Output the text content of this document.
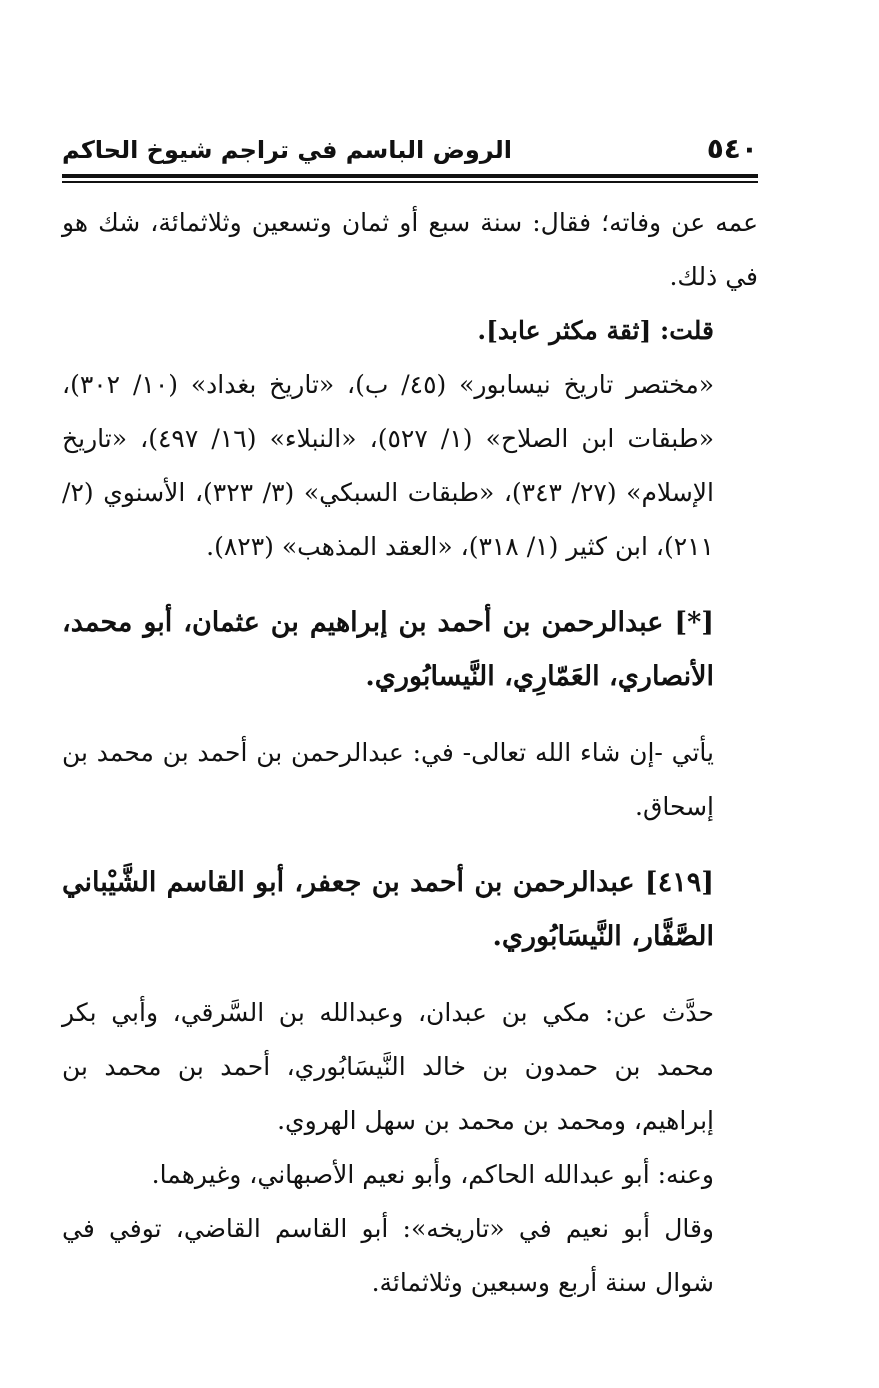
٥٤٠
الروض الباسم في تراجم شيوخ الحاكم

عمه عن وفاته؛ فقال: سنة سبع أو ثمان وتسعين وثلاثمائة، شك هو في ذلك.

قلت: [ثقة مكثر عابد].

«مختصر تاريخ نيسابور» (٤٥/ ب)، «تاريخ بغداد» (١٠/ ٣٠٢)، «طبقات ابن الصلاح» (١/ ٥٢٧)، «النبلاء» (١٦/ ٤٩٧)، «تاريخ الإسلام» (٢٧/ ٣٤٣)، «طبقات السبكي» (٣/ ٣٢٣)، الأسنوي (٢/ ٢١١)، ابن كثير (١/ ٣١٨)، «العقد المذهب» (٨٢٣).

[*] عبدالرحمن بن أحمد بن إبراهيم بن عثمان، أبو محمد، الأنصاري، العَمّارِي، النَّيسابُوري.

يأتي -إن شاء الله تعالى- في: عبدالرحمن بن أحمد بن محمد بن إسحاق.

[٤١٩] عبدالرحمن بن أحمد بن جعفر، أبو القاسم الشَّيْباني الصَّفَّار، النَّيسَابُوري.

حدَّث عن: مكي بن عبدان، وعبدالله بن السَّرقي، وأبي بكر محمد بن حمدون بن خالد النَّيسَابُوري، أحمد بن محمد بن إبراهيم، ومحمد بن محمد بن سهل الهروي.

وعنه: أبو عبدالله الحاكم، وأبو نعيم الأصبهاني، وغيرهما.

وقال أبو نعيم في «تاريخه»: أبو القاسم القاضي، توفي في شوال سنة أربع وسبعين وثلاثمائة.
